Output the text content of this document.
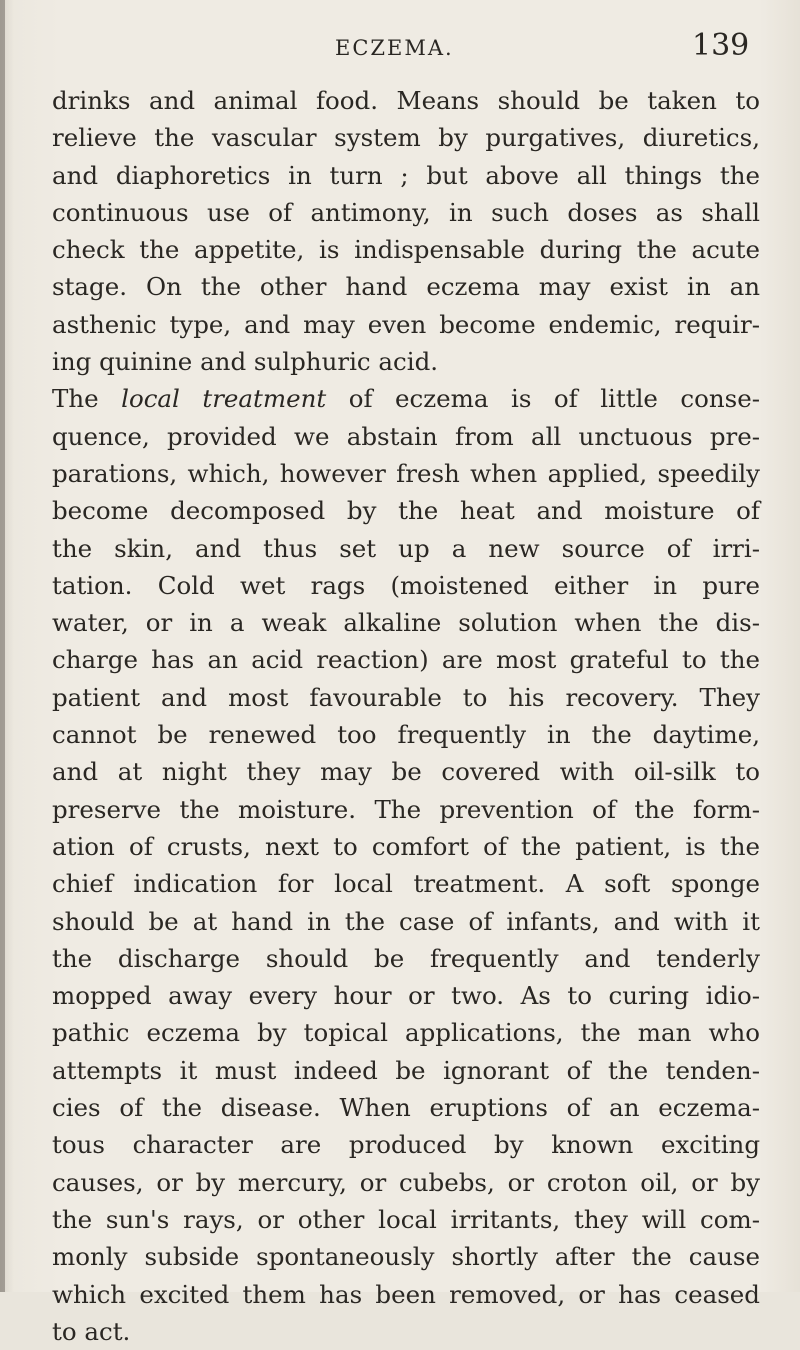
ECZEMA.	139
drinks and animal food. Means should be taken to
relieve the vascular system by purgatives, diuretics,
and diaphoretics in turn ; but above all things the
continuous use of antimony, in such doses as shall
check the appetite, is indispensable during the acute
stage. On the other hand eczema may exist in an
asthenic type, and may even become endemic, requir-
ing quinine and sulphuric acid.
The local treatment of eczema is of little conse-
quence, provided we abstain from all unctuous pre-
parations, which, however fresh when applied, speedily
become decomposed by the heat and moisture of
the skin, and thus set up a new source of irri-
tation. Cold wet rags (moistened either in pure
water, or in a weak alkaline solution when the dis-
charge has an acid reaction) are most grateful to the
patient and most favourable to his recovery. They
cannot be renewed too frequently in the daytime,
and at night they may be covered with oil-silk to
preserve the moisture. The prevention of the form-
ation of crusts, next to comfort of the patient, is the
chief indication for local treatment. A soft sponge
should be at hand in the case of infants, and with it
the discharge should be frequently and tenderly
mopped away every hour or two. As to curing idio-
pathic eczema by topical applications, the man who
attempts it must indeed be ignorant of the tenden-
cies of the disease. When eruptions of an eczema-
tous character are produced by known exciting
causes, or by mercury, or cubebs, or croton oil, or by
the sun's rays, or other local irritants, they will com-
monly subside spontaneously shortly after the cause
which excited them has been removed, or has ceased
to act.
